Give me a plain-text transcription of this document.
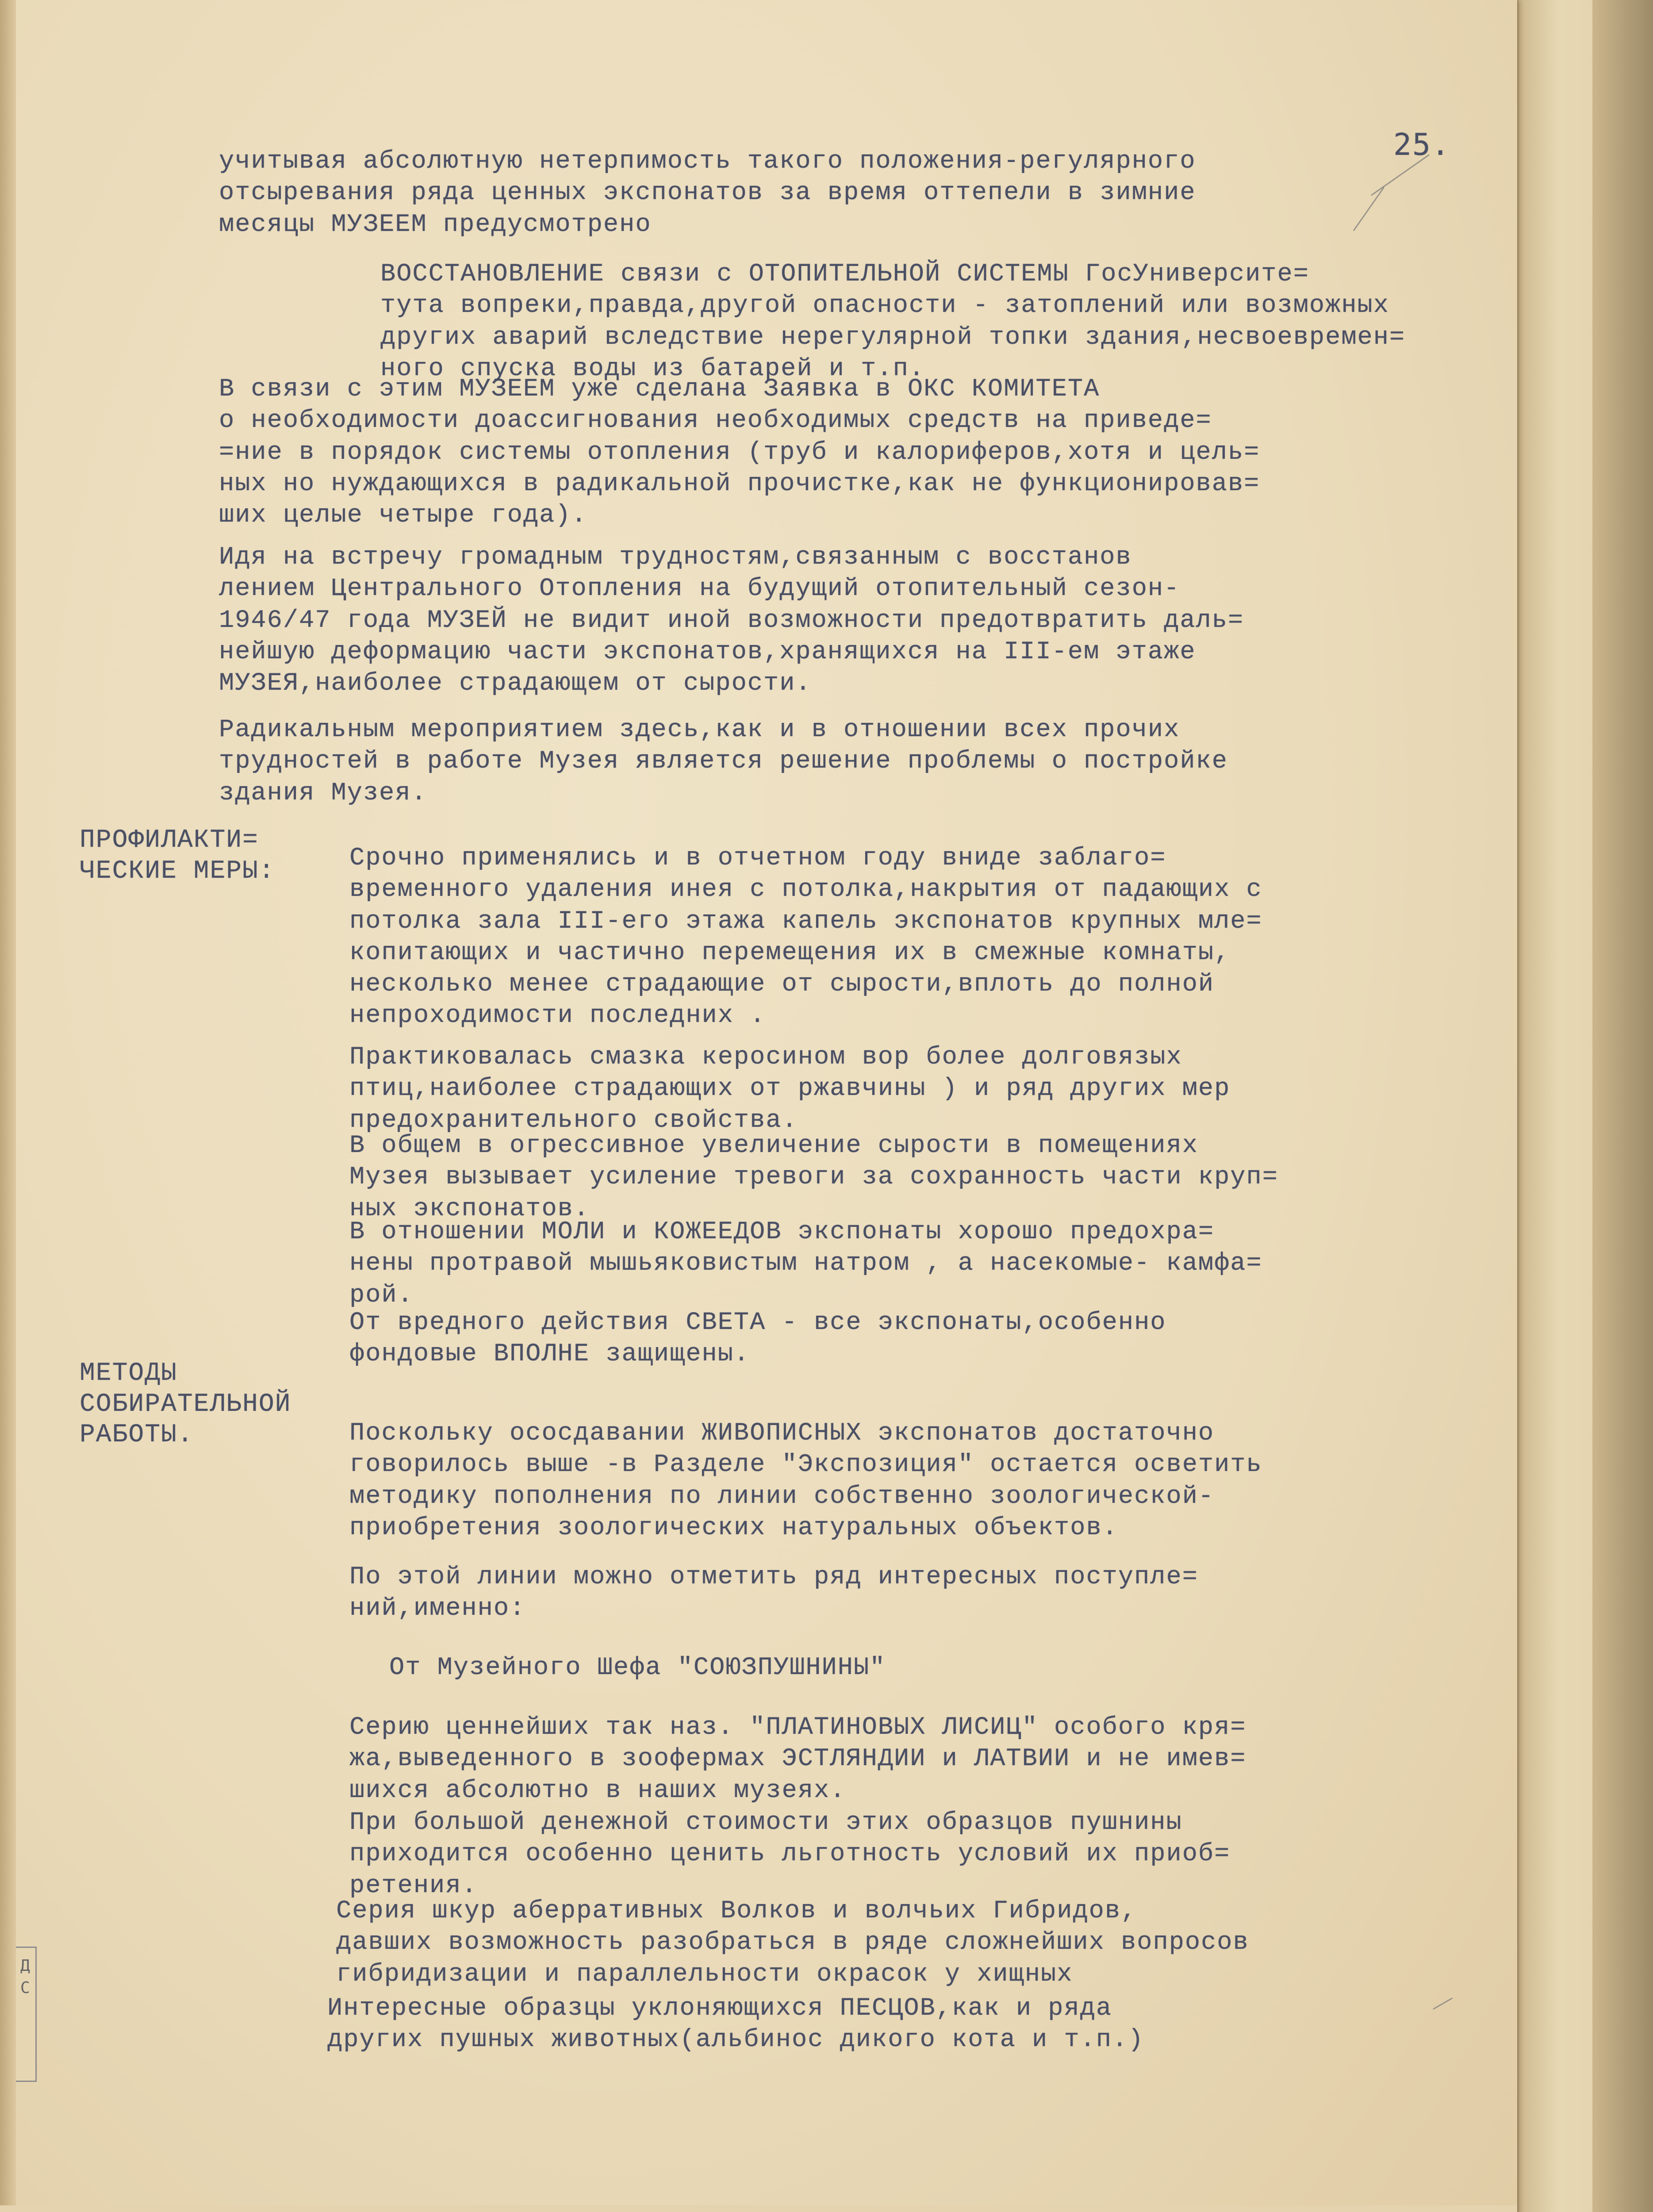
Д
С
25.
учитывая абсолютную нетерпимость такого положения-регулярного
отсыревания ряда ценных экспонатов за время оттепели в зимние
месяцы МУЗЕЕМ предусмотрено
ВОССТАНОВЛЕНИЕ связи с ОТОПИТЕЛЬНОЙ СИСТЕМЫ ГосУниверсите=
тута вопреки,правда,другой опасности - затоплений или возможных
других аварий вследствие нерегулярной топки здания,несвоевремен=
ного спуска воды из батарей и т.п.
В связи с этим МУЗЕЕМ уже сделана Заявка в ОКС КОМИТЕТА
о необходимости доассигнования необходимых средств на приведе=
=ние в порядок системы отопления (труб и калориферов,хотя и цель=
ных но нуждающихся в радикальной прочистке,как не функционировав=
ших целые четыре года).
Идя на встречу громадным трудностям,связанным с восстанов
лением Центрального Отопления на будущий отопительный сезон-
1946/47 года МУЗЕЙ не видит иной возможности предотвратить даль=
нейшую деформацию части экспонатов,хранящихся на III-ем этаже
МУЗЕЯ,наиболее страдающем от сырости.
Радикальным мероприятием здесь,как и в отношении всех прочих
трудностей в работе Музея является решение проблемы о постройке
здания Музея.
ПРОФИЛАКТИ=
ЧЕСКИЕ МЕРЫ:	Срочно применялись и в отчетном году вниде заблаго=
временного удаления инея с потолка,накрытия от падающих с
потолка зала III-его этажа капель экспонатов крупных мле=
копитающих и частично перемещения их в смежные комнаты,
несколько менее страдающие от сырости,вплоть до полной
непроходимости последних .
Практиковалась смазка керосином вор более долговязых
птиц,наиболее страдающих от ржавчины ) и ряд других мер
предохранительного свойства.
В общем в огрессивное увеличение сырости в помещениях
Музея вызывает усиление тревоги за сохранность части круп=
ных экспонатов.
В отношении МОЛИ и КОЖЕЕДОВ экспонаты хорошо предохра=
нены протравой мышьяковистым натром , а насекомые- камфа=
рой.
От вредного действия СВЕТА - все экспонаты,особенно
фондовые ВПОЛНЕ защищены.
МЕТОДЫ
СОБИРАТЕЛЬНОЙ
РАБОТЫ.	Поскольку ососдавании ЖИВОПИСНЫХ экспонатов достаточно
говорилось выше -в Разделе "Экспозиция" остается осветить
методику пополнения по линии собственно зоологической-
приобретения зоологических натуральных объектов.
По этой линии можно отметить ряд интересных поступле=
ний,именно:
От Музейного Шефа "СОЮЗПУШНИНЫ"
Серию ценнейших так наз. "ПЛАТИНОВЫХ ЛИСИЦ" особого кря=
жа,выведенного в зоофермах ЭСТЛЯНДИИ и ЛАТВИИ и не имев=
шихся абсолютно в наших музеях.
При большой денежной стоимости этих образцов пушнины
приходится особенно ценить льготность условий их приоб=
ретения.
Серия шкур аберративных Волков и волчьих Гибридов,
давших возможность разобраться в ряде сложнейших вопросов
гибридизации и параллельности окрасок у хищных
Интересные образцы уклоняющихся ПЕСЦОВ,как и ряда
других пушных животных(альбинос дикого кота и т.п.)
